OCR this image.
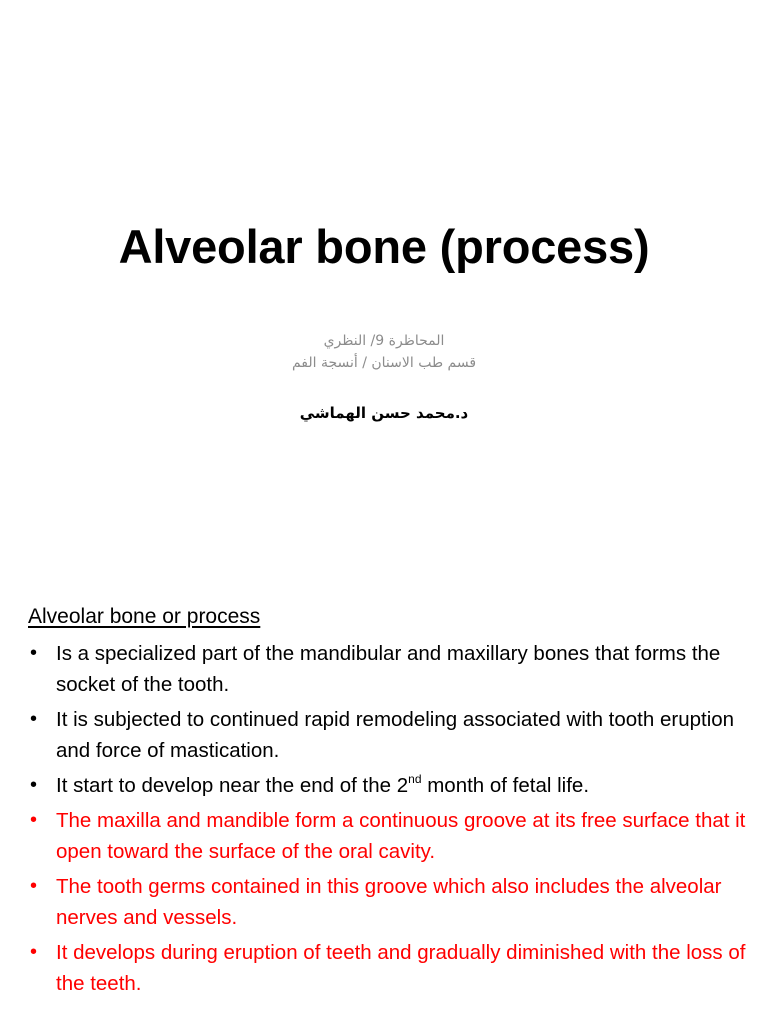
Alveolar bone (process)
المحاظرة 9/ النظري
قسم طب الاسنان / أنسجة الفم
د.محمد حسن الهماشي
Alveolar bone or process
• Is a specialized part of the mandibular and maxillary bones that forms the socket of the tooth.
• It is subjected to continued rapid remodeling associated with tooth eruption and force of mastication.
• It start to develop near the end of the 2nd month of fetal life.
• The maxilla and mandible form a continuous groove at its free surface that it open toward the surface of the oral cavity.
• The tooth germs contained in this groove which also includes the alveolar nerves and vessels.
• It develops during eruption of teeth and gradually diminished with the loss of the teeth.
